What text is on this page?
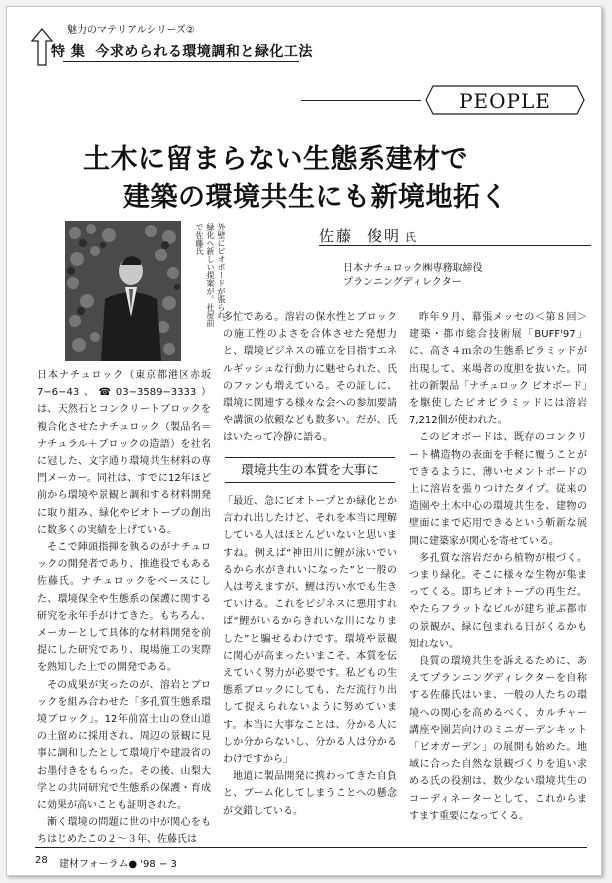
魅力のマテリアルシリーズ②
特 集 今求められる環境調和と緑化工法
PEOPLE
土木に留まらない生態系建材で
建築の環境共生にも新境地拓く
外壁にビオボードが張られ、緑化へ新しい提案が。社屋前で佐藤氏	佐藤 俊明 氏
日本ナチュロック㈱専務取締役
プランニングディレクター

日本ナチュロック（東京都港区赤坂7−6−43、☎03−3589−3333）は、天然石とコンクリートブロックを複合化させたナチュロック（製品名＝ナチュラル＋ブロックの造語）を社名に冠した、文字通り環境共生材料の専門メーカー。同社は、すでに12年ほど前から環境や景観と調和する材料開発に取り組み、緑化やビオトープの創出に数多くの実績を上げている。

そこで陣頭指揮を執るのがナチュロックの開発者であり、推進役でもある佐藤氏。ナチュロックをベースにした、環境保全や生態系の保護に関する研究を永年手がけてきた。もちろん、メーカーとして具体的な材料開発を前提にした研究であり、現場施工の実際を熟知した上での開発である。

その成果が実ったのが、溶岩とブロックを組み合わせた「多孔質生態系環境ブロック」。12年前富士山の登山道の土留めに採用され、周辺の景観に見事に調和したとして環境庁や建設省のお墨付きをもらった。その後、山梨大学との共同研究で生態系の保護・育成に効果が高いことも証明された。

漸く環境の問題に世の中が関心をもちはじめたこの２〜３年、佐藤氏は

多忙である。溶岩の保水性とブロックの施工性のよさを合体させた発想力と、環境ビジネスの確立を目指すエネルギッシュな行動力に魅せられた、氏のファンも増えている。その証しに、環境に関連する様々な会への参加要請や講演の依頼なども数多い。だが、氏はいたって冷静に語る。

環境共生の本質を大事に

「最近、急にビオトープとか緑化とか言われ出したけど、それを本当に理解している人はほとんどいないと思いますね。例えば“神田川に鯉が泳いでいるから水がきれいになった”と一般の人は考えますが、鯉は汚い水でも生きていける。これをビジネスに悪用すれば“鯉がいるからきれいな川になりました”と騙せるわけです。環境や景観に関心が高まったいまこそ、本質を伝えていく努力が必要です。私どもの生態系ブロックにしても、ただ流行り出して捉えられないように努めています。本当に大事なことは、分かる人にしか分からないし、分かる人は分かるわけですから」

地道に製品開発に携わってきた自負と、ブーム化してしまうことへの懸念が交錯している。

昨年９月、幕張メッセの＜第８回＞建築・都市総合技術展「BUFF'97」に、高さ４ｍ余の生態系ピラミッドが出現して、来場者の度胆を抜いた。同社の新製品「ナチュロック ビオボード」を駆使したビオピラミッドには溶岩7,212個が使われた。

このビオボードは、既存のコンクリート構造物の表面を手軽に覆うことができるように、薄いセメントボードの上に溶岩を張りつけたタイプ。従来の造園や土木中心の環境共生を、建物の壁面にまで応用できるという斬新な展開に建築家が関心を寄せている。

多孔質な溶岩だから植物が根づく。つまり緑化。そこに様々な生物が集まってくる。即ちビオトープの再生だ。やたらフラットなビルが建ち並ぶ都市の景観が、緑に包まれる日がくるかも知れない。

良質の環境共生を訴えるために、あえてプランニングディレクターを自称する佐藤氏はいま、一般の人たちの環境への関心を高めるべく、カルチャー講座や園芸向けのミニガーデンキット「ビオガーデン」の展開も始めた。地域に合った自然な景観づくりを追い求める氏の役割は、数少ない環境共生のコーディネーターとして、これからますます重要になってくる。

28 建材フォーラム● '98 − 3
